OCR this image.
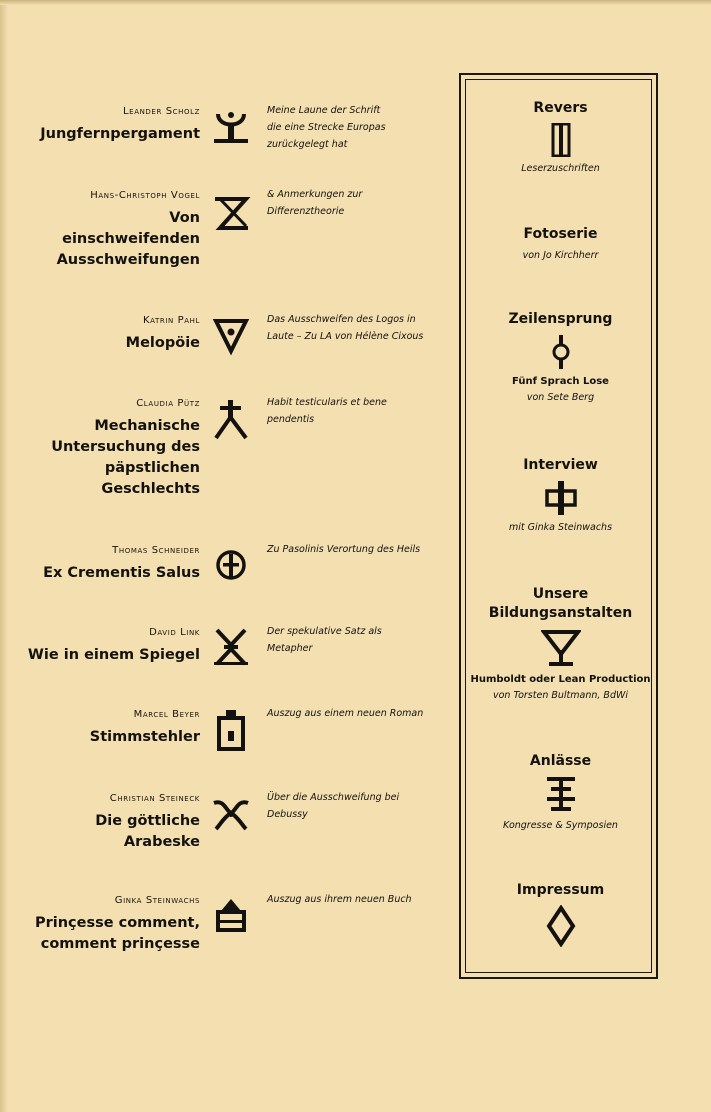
Leander Scholz
Jungfernpergament
Meine Laune der Schrift
die eine Strecke Europas
zurückgelegt hat
Hans-Christoph Vogel
Von
einschweifenden
Ausschweifungen
& Anmerkungen zur
Differenztheorie
Katrin Pahl
Melopöie
Das Ausschweifen des Logos in
Laute – Zu LA von Hélène Cixous
Claudia Pütz
Mechanische
Untersuchung des
päpstlichen
Geschlechts
Habit testicularis et bene
pendentis
Thomas Schneider
Ex Crementis Salus
Zu Pasolinis Verortung des Heils
David Link
Wie in einem Spiegel
Der spekulative Satz als
Metapher
Marcel Beyer
Stimmstehler
Auszug aus einem neuen Roman
Christian Steineck
Die göttliche
Arabeske
Über die Ausschweifung bei
Debussy
Ginka Steinwachs
Prinçesse comment,
comment prinçesse
Auszug aus ihrem neuen Buch
Revers
Leserzuschriften
Fotoserie
von Jo Kirchherr
Zeilensprung
Fünf Sprach Lose
von Sete Berg
Interview
mit Ginka Steinwachs
Unsere
Bildungsanstalten
Humboldt oder Lean Production
von Torsten Bultmann, BdWi
Anlässe
Kongresse & Symposien
Impressum
